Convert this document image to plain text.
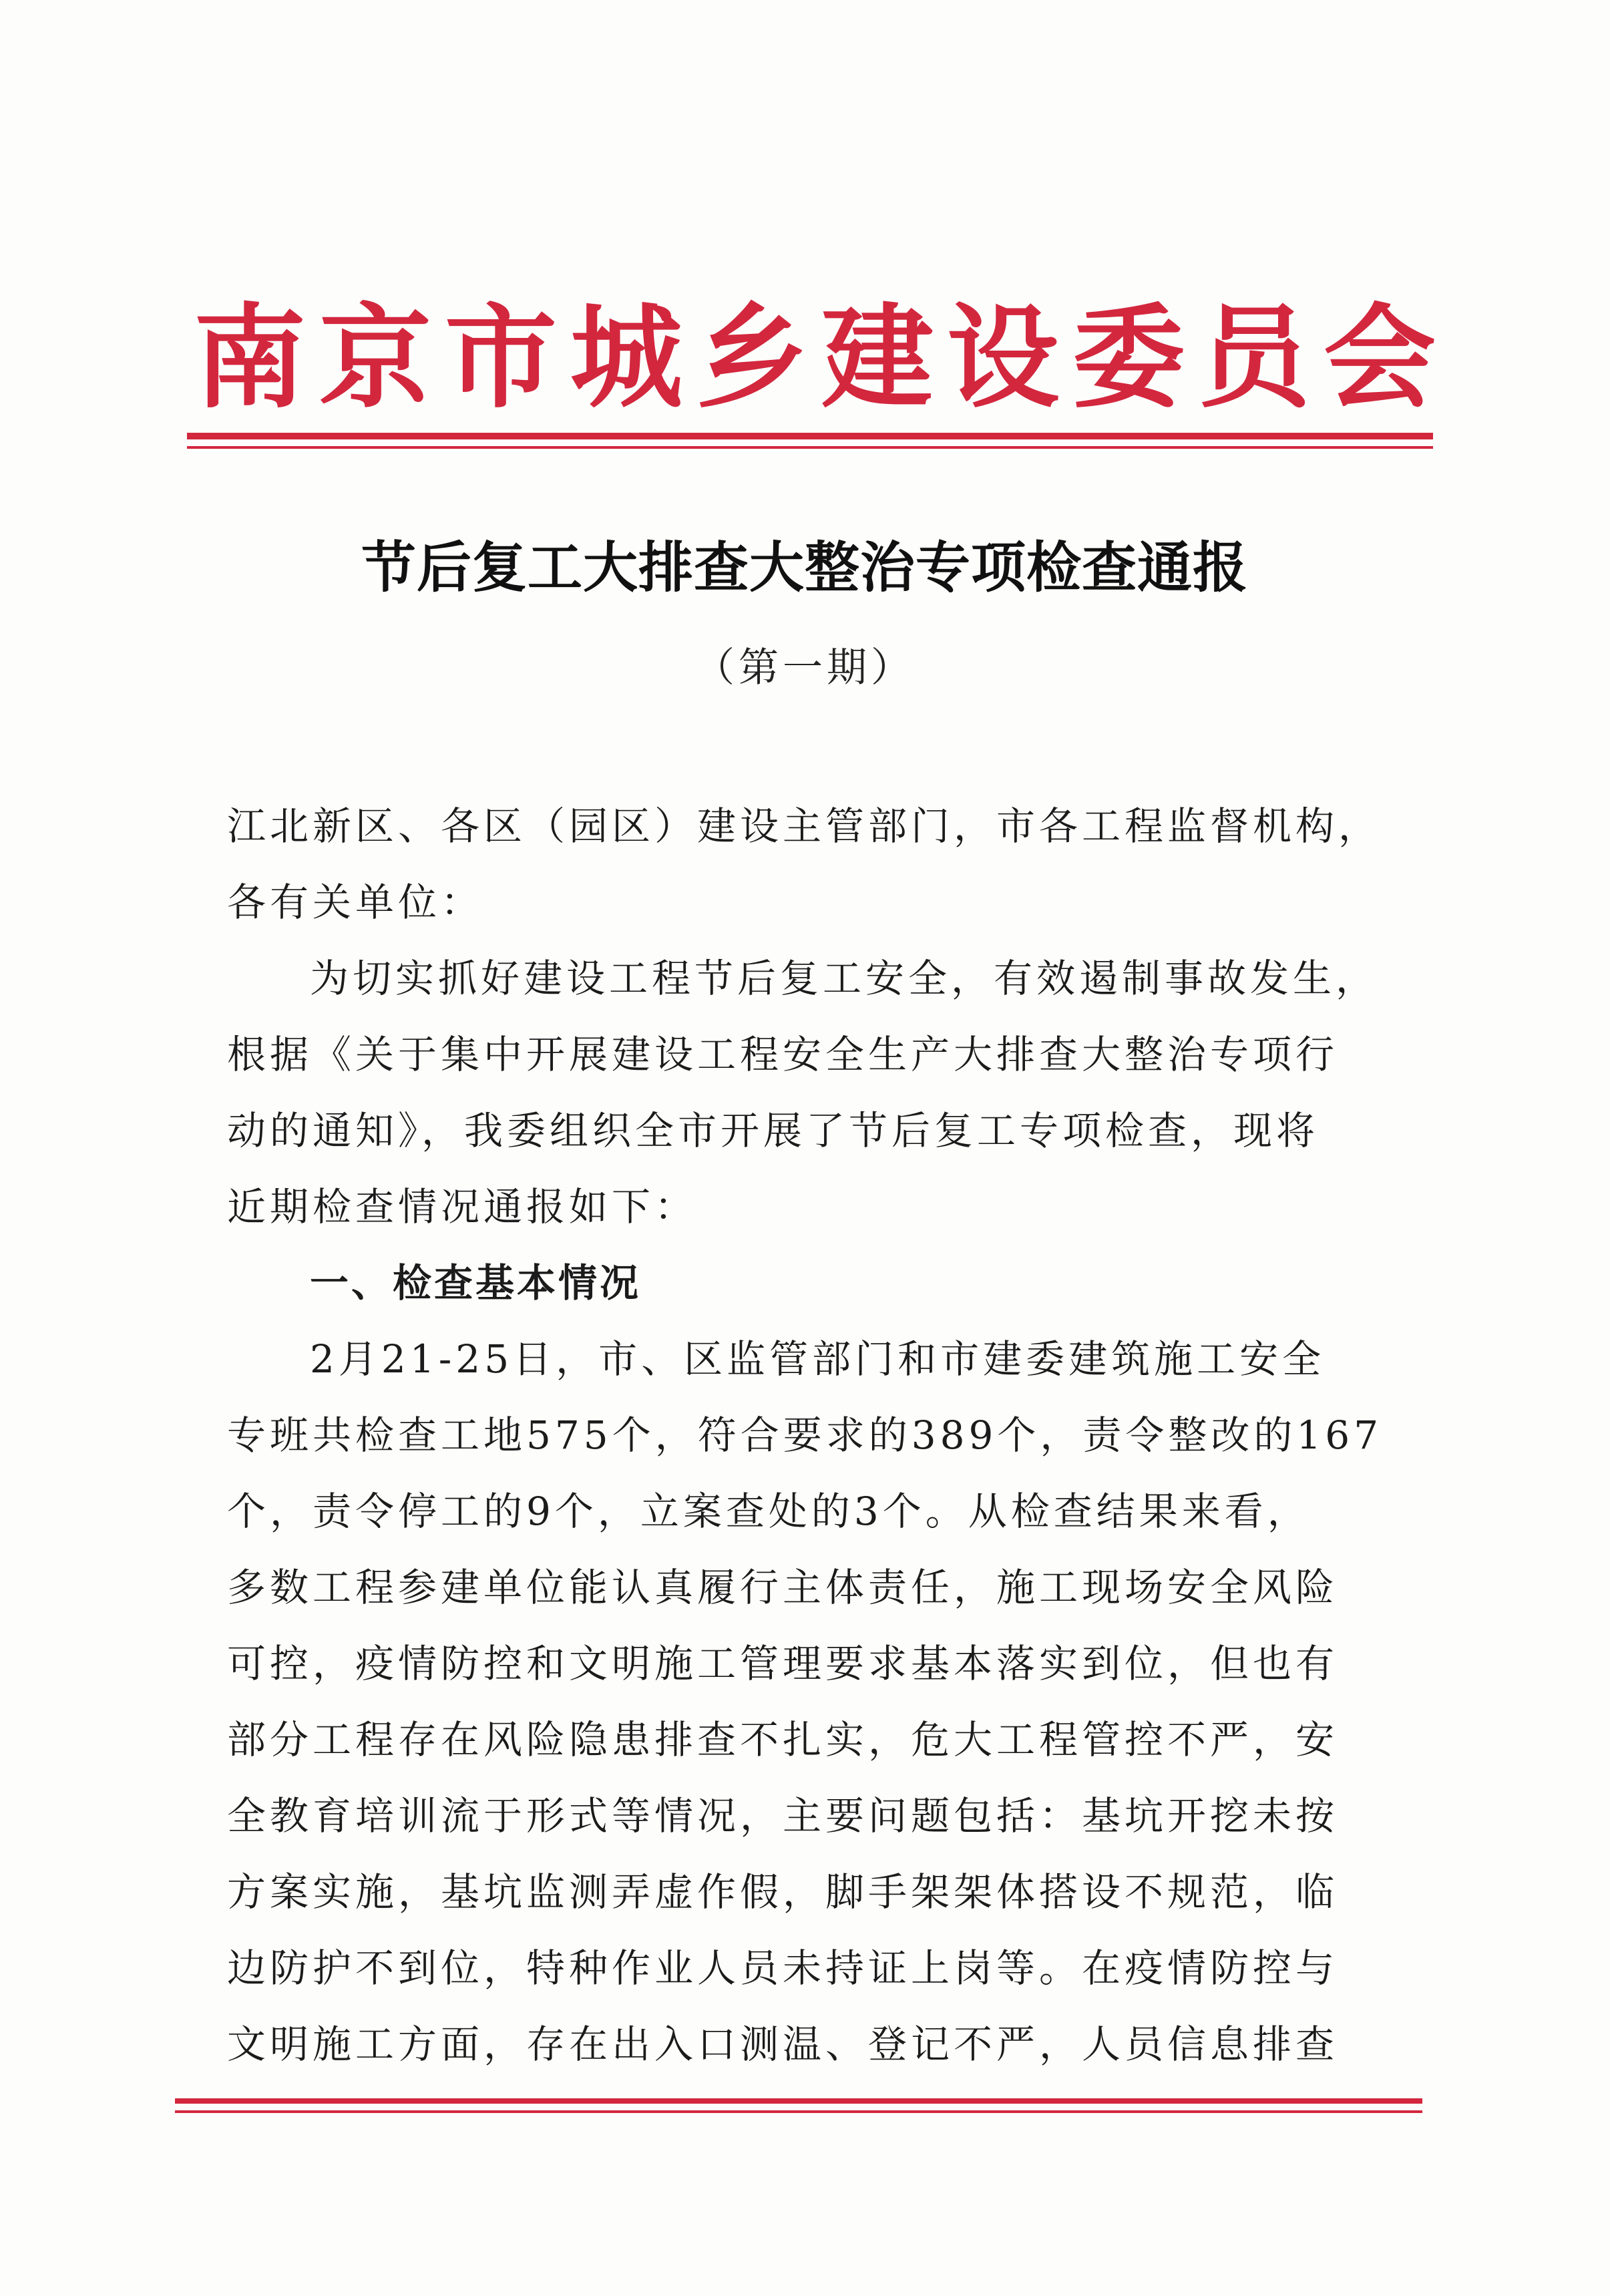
南 京 市 城 乡 建 设 委 员 会
节后复工大排查大整治专项检查通报
（第一期）
江北新区、各区（园区）建设主管部门，市各工程监督机构，
各有关单位：
为切实抓好建设工程节后复工安全，有效遏制事故发生，
根据《关于集中开展建设工程安全生产大排查大整治专项行
动的通知》，我委组织全市开展了节后复工专项检查，现将
近期检查情况通报如下：
一、检查基本情况
2月21-25日，市、区监管部门和市建委建筑施工安全
专班共检查工地575个，符合要求的389个，责令整改的167
个，责令停工的9个，立案查处的3个。从检查结果来看，
多数工程参建单位能认真履行主体责任，施工现场安全风险
可控，疫情防控和文明施工管理要求基本落实到位，但也有
部分工程存在风险隐患排查不扎实，危大工程管控不严，安
全教育培训流于形式等情况，主要问题包括：基坑开挖未按
方案实施，基坑监测弄虚作假，脚手架架体搭设不规范，临
边防护不到位，特种作业人员未持证上岗等。在疫情防控与
文明施工方面，存在出入口测温、登记不严，人员信息排查
